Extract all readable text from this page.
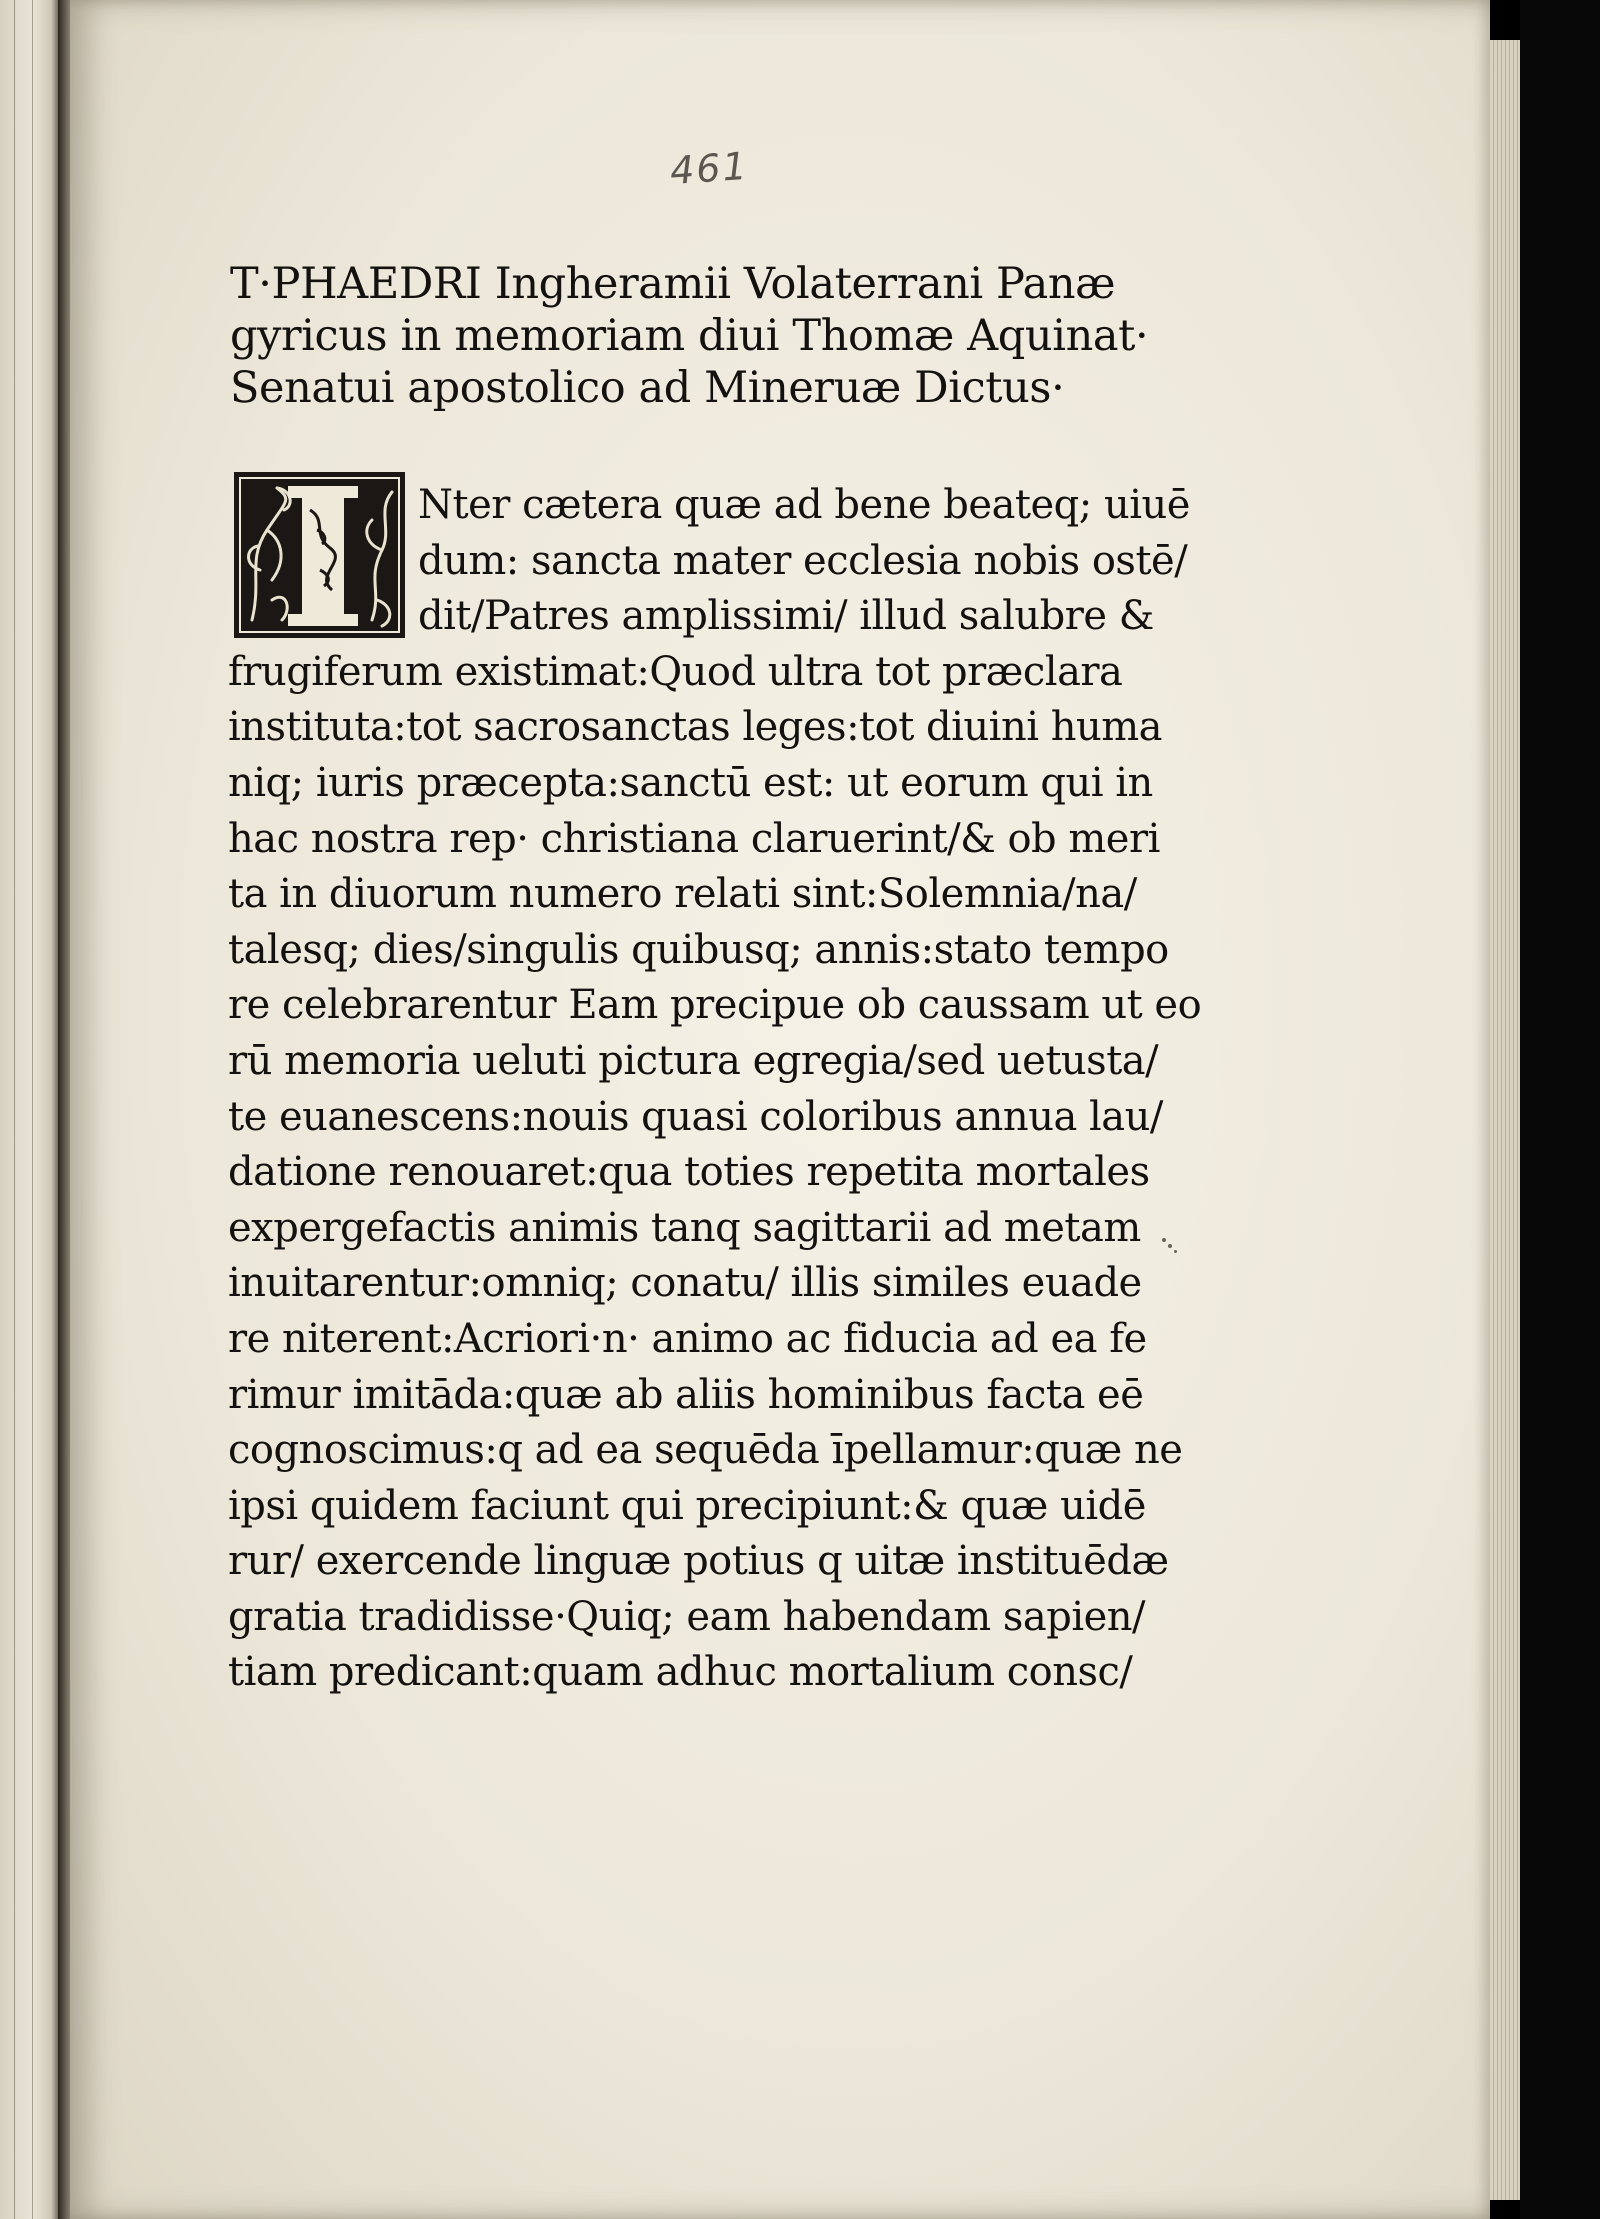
461
T·PHAEDRI Ingheramii Volaterrani Panæ
gyricus in memoriam diui Thomæ Aquinat·
Senatui apostolico ad Mineruæ Dictus·

Nter cætera quæ ad bene beateq; uiuē
dum: sancta mater ecclesia nobis ostē/
dit/Patres amplissimi/ illud salubre &
frugiferum existimat:Quod ultra tot præclara
instituta:tot sacrosanctas leges:tot diuini huma
niq; iuris præcepta:sanctū est: ut eorum qui in
hac nostra rep· christiana claruerint/& ob meri
ta in diuorum numero relati sint:Solemnia/na/
talesq; dies/singulis quibusq; annis:stato tempo
re celebrarentur Eam precipue ob caussam ut eo
rū memoria ueluti pictura egregia/sed uetusta/
te euanescens:nouis quasi coloribus annua lau/
datione renouaret:qua toties repetita mortales
expergefactis animis tanq sagittarii ad metam
inuitarentur:omniq; conatu/ illis similes euade
re niterent:Acriori·n· animo ac fiducia ad ea fe
rimur imitāda:quæ ab aliis hominibus facta eē
cognoscimus:q ad ea sequēda īpellamur:quæ ne
ipsi quidem faciunt qui precipiunt:& quæ uidē
rur/ exercende linguæ potius q uitæ instituēdæ
gratia tradidisse·Quiq; eam habendam sapien/
tiam predicant:quam adhuc mortalium consc/
